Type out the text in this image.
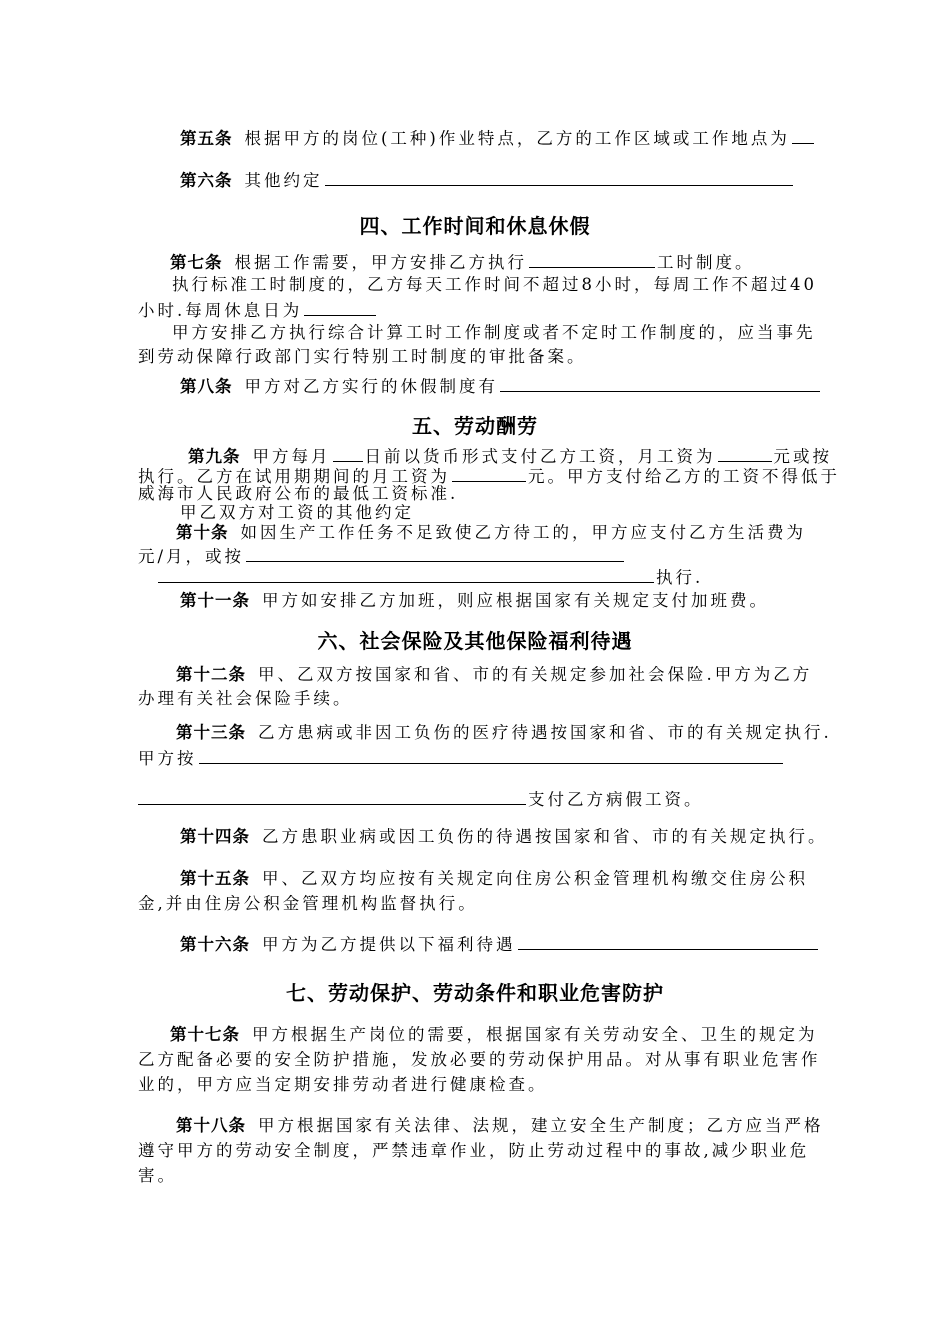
第五条 根据甲方的岗位(工种)作业特点，乙方的工作区域或工作地点为
第六条 其他约定
四、工作时间和休息休假
第七条 根据工作需要，甲方安排乙方执行	工时制度。
执行标准工时制度的，乙方每天工作时间不超过8小时，每周工作不超过40
小时.每周休息日为
甲方安排乙方执行综合计算工时工作制度或者不定时工作制度的，应当事先
到劳动保障行政部门实行特别工时制度的审批备案。
第八条 甲方对乙方实行的休假制度有
五、劳动酬劳
第九条 甲方每月 日前以货币形式支付乙方工资，月工资为	元或按
执行。乙方在试用期期间的月工资为	元。甲方支付给乙方的工资不得低于
威海市人民政府公布的最低工资标准.
甲乙双方对工资的其他约定
第十条 如因生产工作任务不足致使乙方待工的，甲方应支付乙方生活费为
元/月，或按
执行.
第十一条 甲方如安排乙方加班，则应根据国家有关规定支付加班费。
六、社会保险及其他保险福利待遇
第十二条 甲、乙双方按国家和省、市的有关规定参加社会保险.甲方为乙方
办理有关社会保险手续。
第十三条 乙方患病或非因工负伤的医疗待遇按国家和省、市的有关规定执行.
甲方按
支付乙方病假工资。
第十四条 乙方患职业病或因工负伤的待遇按国家和省、市的有关规定执行。
第十五条 甲、乙双方均应按有关规定向住房公积金管理机构缴交住房公积
金,并由住房公积金管理机构监督执行。
第十六条 甲方为乙方提供以下福利待遇
七、劳动保护、劳动条件和职业危害防护
第十七条 甲方根据生产岗位的需要，根据国家有关劳动安全、卫生的规定为
乙方配备必要的安全防护措施，发放必要的劳动保护用品。对从事有职业危害作
业的，甲方应当定期安排劳动者进行健康检查。
第十八条 甲方根据国家有关法律、法规，建立安全生产制度；乙方应当严格
遵守甲方的劳动安全制度，严禁违章作业，防止劳动过程中的事故,减少职业危
害。
